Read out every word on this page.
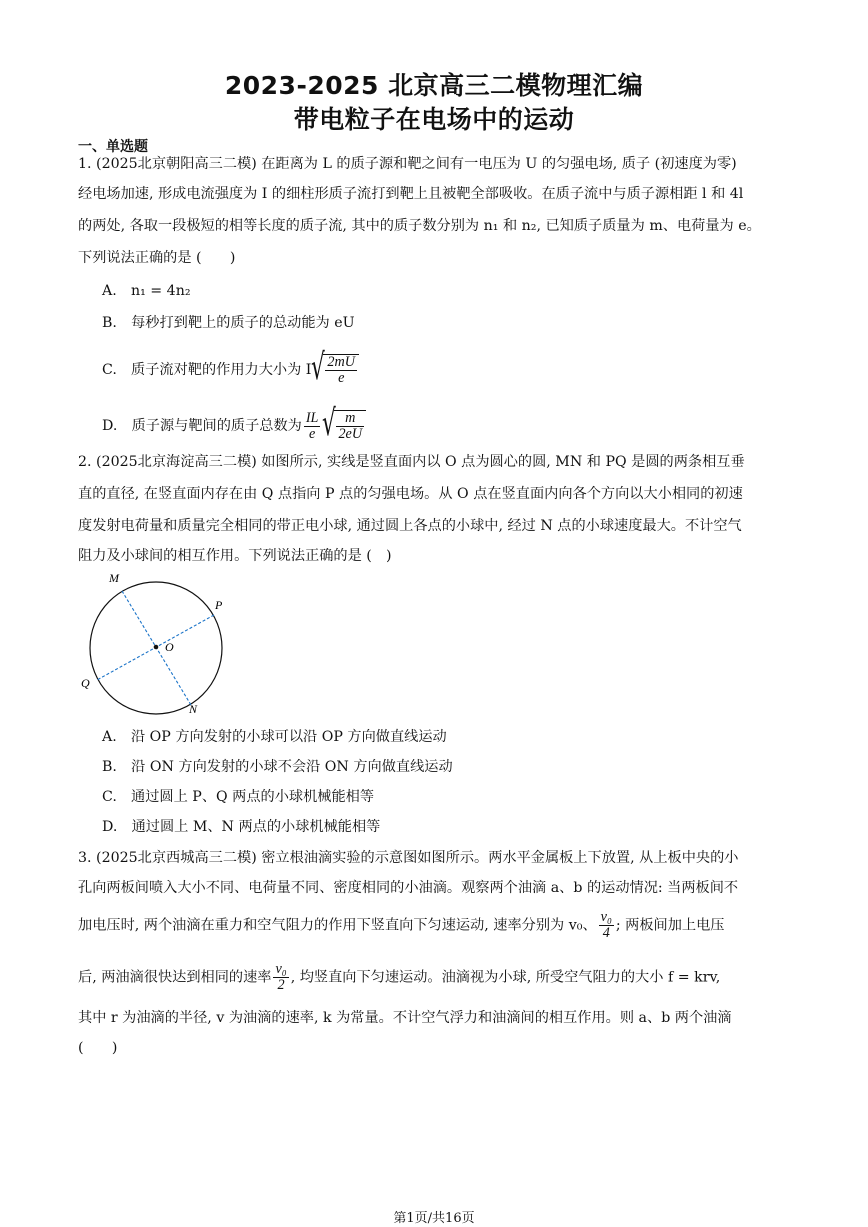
2023-2025 北京高三二模物理汇编
带电粒子在电场中的运动
一、单选题
1. (2025北京朝阳高三二模) 在距离为 L 的质子源和靶之间有一电压为 U 的匀强电场, 质子 (初速度为零)
经电场加速, 形成电流强度为 I 的细柱形质子流打到靶上且被靶全部吸收。在质子流中与质子源相距 l 和 4l
的两处, 各取一段极短的相等长度的质子流, 其中的质子数分别为 n₁ 和 n₂, 已知质子质量为 m、电荷量为 e。
下列说法正确的是 (　　)
A.　n₁ = 4n₂
B.　每秒打到靶上的质子的总动能为 eU
C.　质子流对靶的作用力大小为 I √ $\frac{2mU}{e}$
D.　质子源与靶间的质子总数为 $\frac{IL}{e}$ √ $\frac{m}{2eU}$
2. (2025北京海淀高三二模) 如图所示, 实线是竖直面内以 O 点为圆心的圆, MN 和 PQ 是圆的两条相互垂
直的直径, 在竖直面内存在由 Q 点指向 P 点的匀强电场。从 O 点在竖直面内向各个方向以大小相同的初速
度发射电荷量和质量完全相同的带正电小球, 通过圆上各点的小球中, 经过 N 点的小球速度最大。不计空气
阻力及小球间的相互作用。下列说法正确的是 (　)
M
P
O
Q
N
A.　沿 OP 方向发射的小球可以沿 OP 方向做直线运动
B.　沿 ON 方向发射的小球不会沿 ON 方向做直线运动
C.　通过圆上 P、Q 两点的小球机械能相等
D.　通过圆上 M、N 两点的小球机械能相等
3. (2025北京西城高三二模) 密立根油滴实验的示意图如图所示。两水平金属板上下放置, 从上板中央的小
孔向两板间喷入大小不同、电荷量不同、密度相同的小油滴。观察两个油滴 a、b 的运动情况: 当两板间不
加电压时, 两个油滴在重力和空气阻力的作用下竖直向下匀速运动, 速率分别为 v₀、 $\frac{\text{v₀}}{4}$ ; 两板间加上电压
后, 两油滴很快达到相同的速率 $\frac{\text{v₀}}{2}$ , 均竖直向下匀速运动。油滴视为小球, 所受空气阻力的大小 f = krv,
其中 r 为油滴的半径, v 为油滴的速率, k 为常量。不计空气浮力和油滴间的相互作用。则 a、b 两个油滴
(　　)
第1页/共16页
